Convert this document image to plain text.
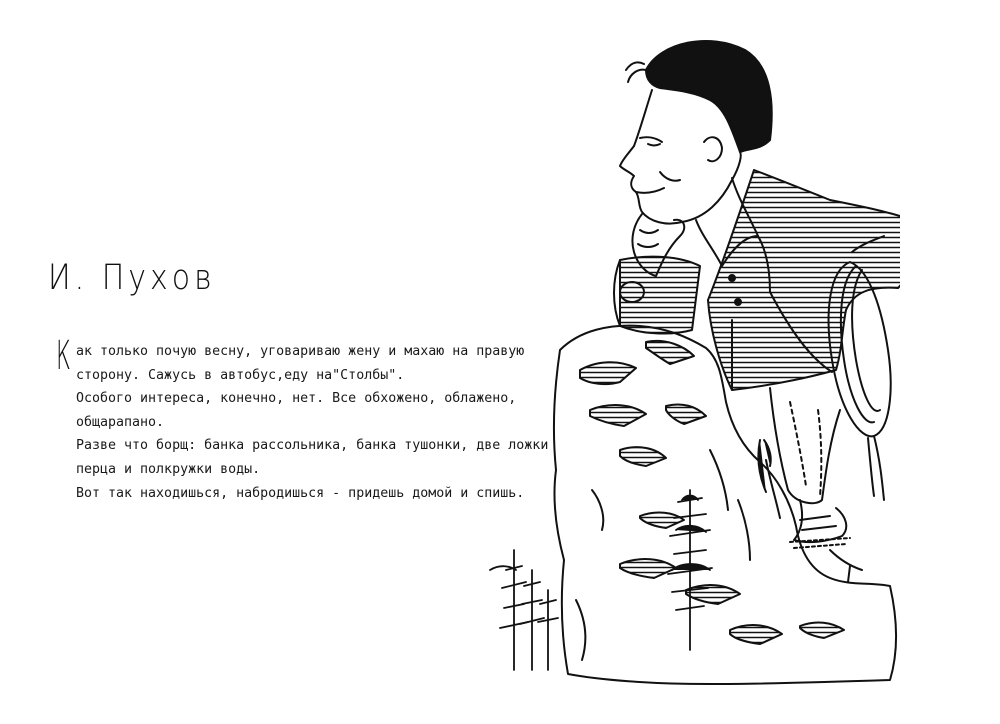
И. Пухов
К ак только почую весну, уговариваю жену и махаю на правую
сторону. Сажусь в автобус,еду на"Столбы".
Особого интереса, конечно, нет. Все обхожено, облажено,
общарапано.
Разве что борщ: банка рассольника, банка тушонки, две ложки
перца и полкружки воды.
Вот так находишься, набродишься - придешь домой и спишь.
